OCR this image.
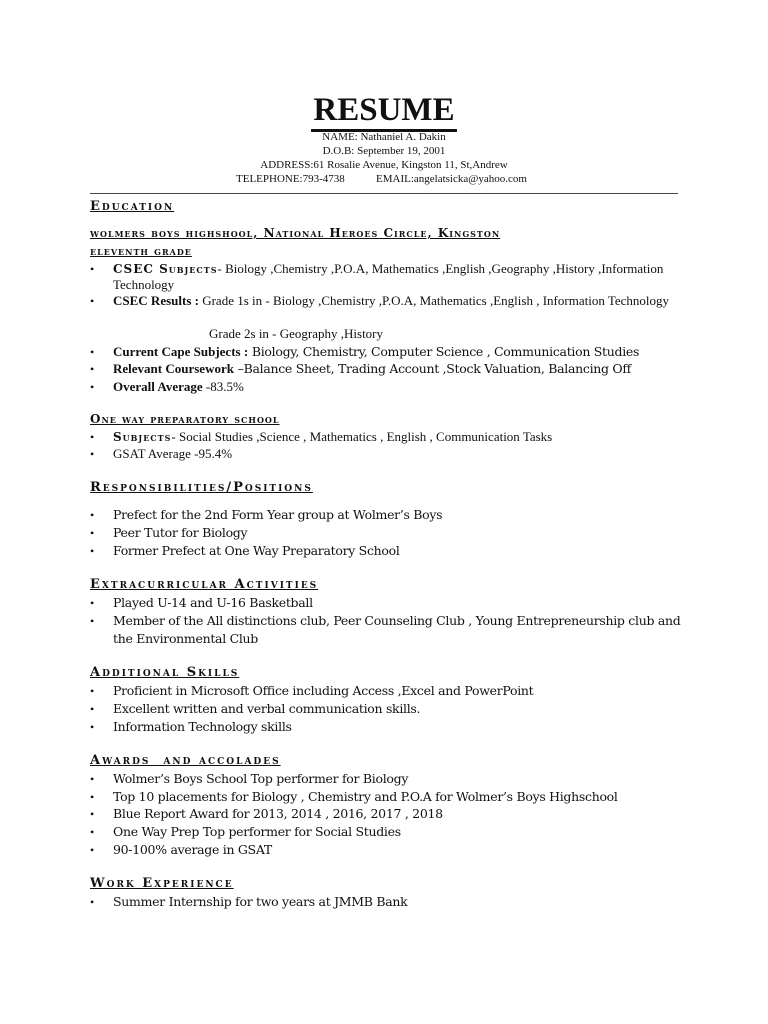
RESUME
NAME: Nathaniel A. Dakin
D.O.B: September 19, 2001
ADDRESS:61 Rosalie Avenue, Kingston 11, St,Andrew
TELEPHONE:793-4738	EMAIL:angelatsicka@yahoo.com
Education
wolmers boys highshool, National Heroes Circle, Kingston
eleventh grade
• CSEC Subjects- Biology ,Chemistry ,P.O.A, Mathematics ,English ,Geography ,History ,Information Technology
• CSEC Results : Grade 1s in - Biology ,Chemistry ,P.O.A, Mathematics ,English , Information Technology
Grade 2s in - Geography ,History
• Current Cape Subjects : Biology, Chemistry, Computer Science , Communication Studies
• Relevant Coursework –Balance Sheet, Trading Account ,Stock Valuation, Balancing Off
• Overall Average -83.5%
One way preparatory school
• Subjects- Social Studies ,Science , Mathematics , English , Communication Tasks
• GSAT Average -95.4%
Responsibilities/Positions
• Prefect for the 2nd Form Year group at Wolmer’s Boys
• Peer Tutor for Biology
• Former Prefect at One Way Preparatory School
Extracurricular Activities
• Played U-14 and U-16 Basketball
• Member of the All distinctions club, Peer Counseling Club , Young Entrepreneurship club and the Environmental Club
Additional Skills
• Proficient in Microsoft Office including Access ,Excel and PowerPoint
• Excellent written and verbal communication skills.
• Information Technology skills
Awards  and accolades
• Wolmer’s Boys School Top performer for Biology
• Top 10 placements for Biology , Chemistry and P.O.A for Wolmer’s Boys Highschool
• Blue Report Award for 2013, 2014 , 2016, 2017 , 2018
• One Way Prep Top performer for Social Studies
• 90-100% average in GSAT
Work Experience
• Summer Internship for two years at JMMB Bank
